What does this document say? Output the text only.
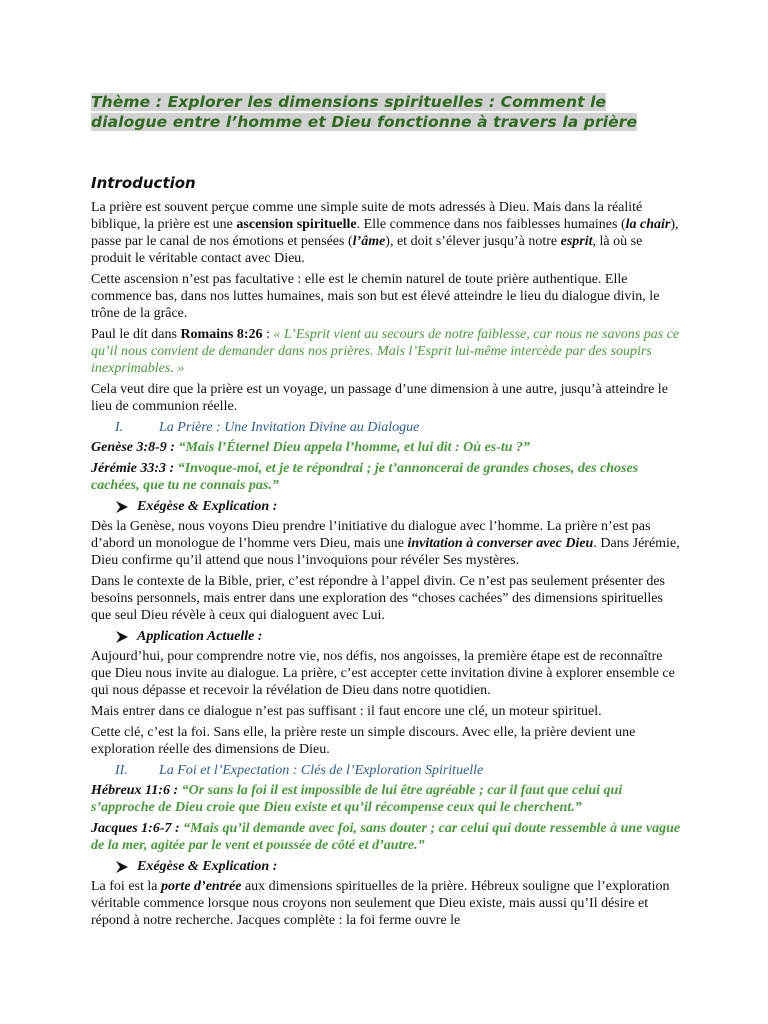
Thème : Explorer les dimensions spirituelles : Comment le
dialogue entre l’homme et Dieu fonctionne à travers la prière
Introduction

La prière est souvent perçue comme une simple suite de mots adressés à Dieu. Mais dans la réalité biblique, la prière est une ascension spirituelle. Elle commence dans nos faiblesses humaines (la chair), passe par le canal de nos émotions et pensées (l’âme), et doit s’élever jusqu’à notre esprit, là où se produit le véritable contact avec Dieu.

Cette ascension n’est pas facultative : elle est le chemin naturel de toute prière authentique. Elle commence bas, dans nos luttes humaines, mais son but est élevé atteindre le lieu du dialogue divin, le trône de la grâce.

Paul le dit dans Romains 8:26 : « L’Esprit vient au secours de notre faiblesse, car nous ne savons pas ce qu’il nous convient de demander dans nos prières. Mais l’Esprit lui-même intercède par des soupirs inexprimables. »

Cela veut dire que la prière est un voyage, un passage d’une dimension à une autre, jusqu’à atteindre le lieu de communion réelle.

I.	La Prière : Une Invitation Divine au Dialogue

Genèse 3:8-9 : “Mais l’Éternel Dieu appela l’homme, et lui dit : Où es-tu ?”

Jérémie 33:3 : “Invoque-moi, et je te répondrai ; je t’annoncerai de grandes choses, des choses cachées, que tu ne connais pas.”

Exégèse & Explication :

Dès la Genèse, nous voyons Dieu prendre l’initiative du dialogue avec l’homme. La prière n’est pas d’abord un monologue de l’homme vers Dieu, mais une invitation à converser avec Dieu. Dans Jérémie, Dieu confirme qu’il attend que nous l’invoquions pour révéler Ses mystères.

Dans le contexte de la Bible, prier, c’est répondre à l’appel divin. Ce n’est pas seulement présenter des besoins personnels, mais entrer dans une exploration des “choses cachées” des dimensions spirituelles que seul Dieu révèle à ceux qui dialoguent avec Lui.

Application Actuelle :

Aujourd’hui, pour comprendre notre vie, nos défis, nos angoisses, la première étape est de reconnaître que Dieu nous invite au dialogue. La prière, c’est accepter cette invitation divine à explorer ensemble ce qui nous dépasse et recevoir la révélation de Dieu dans notre quotidien.

Mais entrer dans ce dialogue n’est pas suffisant : il faut encore une clé, un moteur spirituel.

Cette clé, c’est la foi. Sans elle, la prière reste un simple discours. Avec elle, la prière devient une exploration réelle des dimensions de Dieu.

II.	La Foi et l’Expectation : Clés de l’Exploration Spirituelle

Hébreux 11:6 : “Or sans la foi il est impossible de lui être agréable ; car il faut que celui qui s’approche de Dieu croie que Dieu existe et qu’il récompense ceux qui le cherchent.”

Jacques 1:6-7 : “Mais qu’il demande avec foi, sans douter ; car celui qui doute ressemble à une vague de la mer, agitée par le vent et poussée de côté et d’autre.”

Exégèse & Explication :

La foi est la porte d’entrée aux dimensions spirituelles de la prière. Hébreux souligne que l’exploration véritable commence lorsque nous croyons non seulement que Dieu existe, mais aussi qu’Il désire et répond à notre recherche. Jacques complète : la foi ferme ouvre le
